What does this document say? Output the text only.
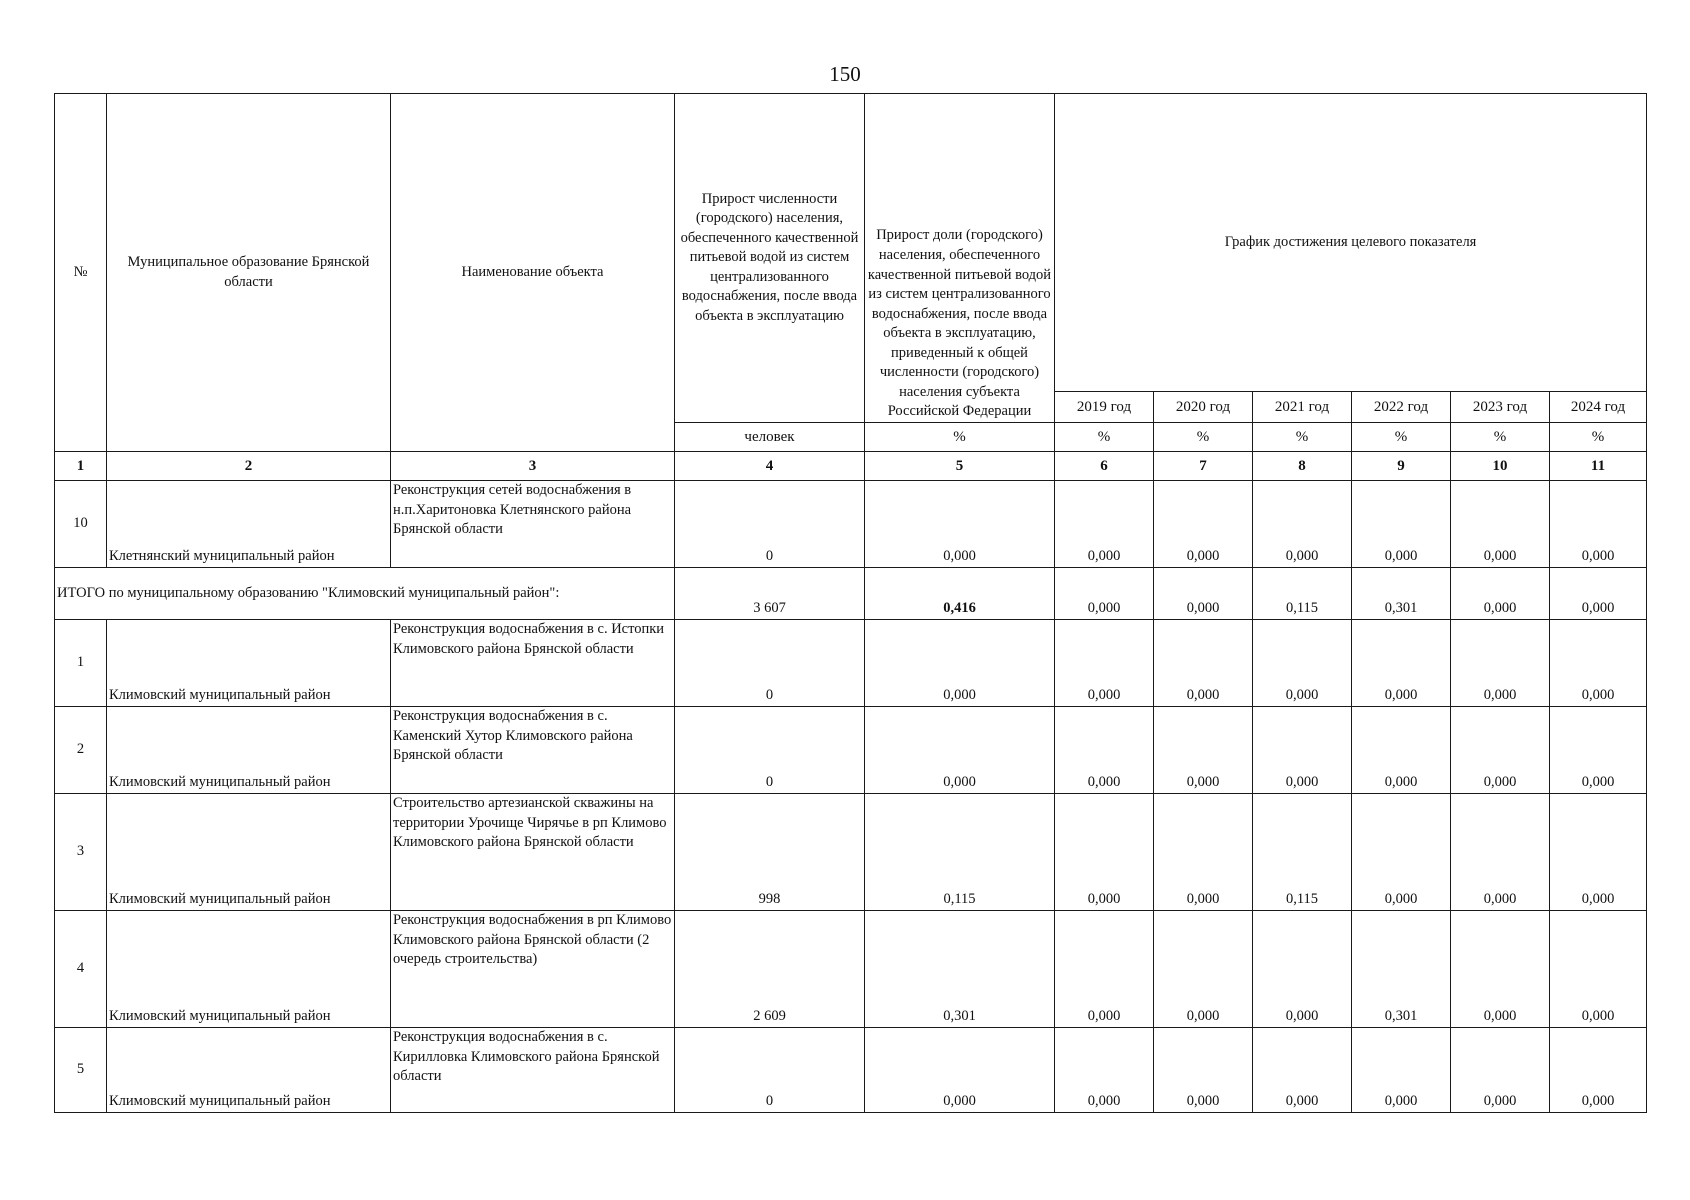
150
№	Муниципальное образование Брянской области	Наименование объекта	Прирост численности (городского) населения, обеспеченного качественной питьевой водой из систем централизованного водоснабжения, после ввода объекта в эксплуатацию	Прирост доли (городского) населения, обеспеченного качественной питьевой водой из систем централизованного водоснабжения, после ввода объекта в эксплуатацию, приведенный к общей численности (городского) населения субъекта Российской Федерации	График достижения целевого показателя					
					2019 год	2020 год	2021 год	2022 год	2023 год	2024 год
			человек	%	%	%	%	%	%	%
1	2	3	4	5	6	7	8	9	10	11
10	Клетнянский муниципальный район	Реконструкция сетей водоснабжения в н.п.Харитоновка Клетнянского района Брянской области	0	0,000	0,000	0,000	0,000	0,000	0,000	0,000
ИТОГО по муниципальному образованию "Климовский муниципальный район":			3 607	0,416	0,000	0,000	0,115	0,301	0,000	0,000
1	Климовский муниципальный район	Реконструкция водоснабжения в с. Истопки Климовского района Брянской области	0	0,000	0,000	0,000	0,000	0,000	0,000	0,000
2	Климовский муниципальный район	Реконструкция водоснабжения в с. Каменский Хутор Климовского района Брянской области	0	0,000	0,000	0,000	0,000	0,000	0,000	0,000
3	Климовский муниципальный район	Строительство артезианской скважины на территории Урочище Чирячье в рп Климово Климовского района Брянской области	998	0,115	0,000	0,000	0,115	0,000	0,000	0,000
4	Климовский муниципальный район	Реконструкция водоснабжения в рп Климово Климовского района Брянской области (2 очередь строительства)	2 609	0,301	0,000	0,000	0,000	0,301	0,000	0,000
5	Климовский муниципальный район	Реконструкция водоснабжения в с. Кирилловка Климовского района Брянской области	0	0,000	0,000	0,000	0,000	0,000	0,000	0,000
